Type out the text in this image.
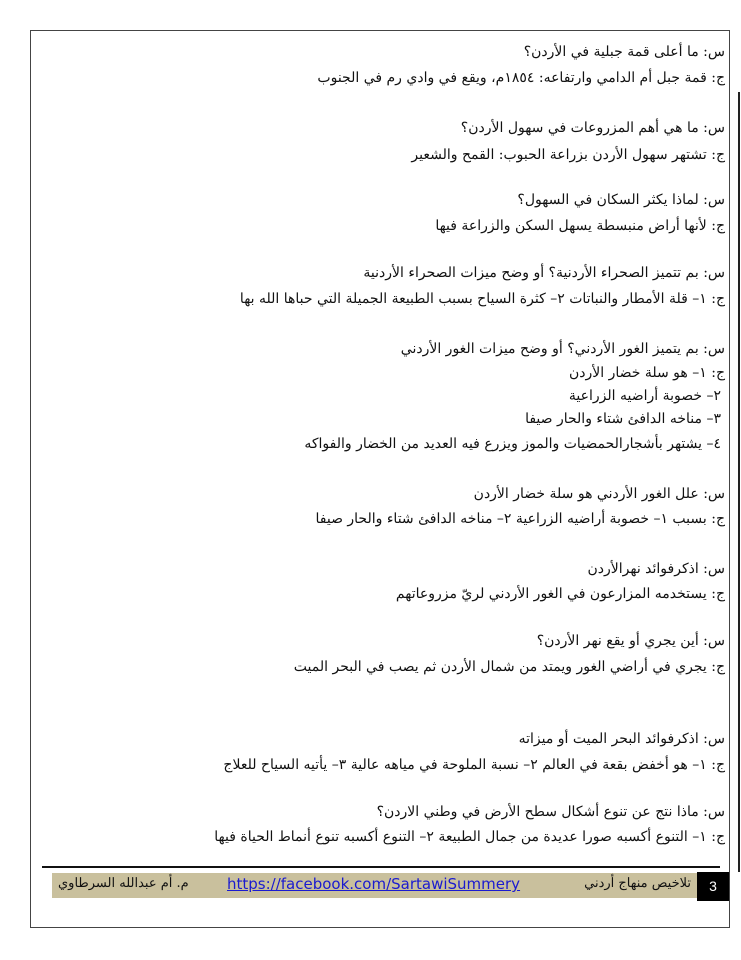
س: ما أعلى قمة جبلية في الأردن؟
ج: قمة جبل أم الدامي وارتفاعه: ١٨٥٤م، ويقع في وادي رم في الجنوب
س: ما هي أهم المزروعات في سهول الأردن؟
ج: تشتهر سهول الأردن بزراعة الحبوب: القمح والشعير
س: لماذا يكثر السكان في السهول؟
ج: لأنها أراض منبسطة يسهل السكن والزراعة فيها
س: بم تتميز الصحراء الأردنية؟ أو وضح ميزات الصحراء الأردنية
ج: ١– قلة الأمطار والنباتات ٢– كثرة السياح بسبب الطبيعة الجميلة التي حباها الله بها
س: بم يتميز الغور الأردني؟ أو وضح ميزات الغور الأردني
ج: ١– هو سلة خضار الأردن
٢– خصوبة أراضيه الزراعية
٣– مناخه الدافئ شتاء والحار صيفا
٤– يشتهر بأشجارالحمضيات والموز ويزرع فيه العديد من الخضار والفواكه
س: علل الغور الأردني هو سلة خضار الأردن
ج: بسبب ١– خصوبة أراضيه الزراعية ٢– مناخه الدافئ شتاء والحار صيفا
س: اذكرفوائد نهرالأردن
ج: يستخدمه المزارعون في الغور الأردني لريّ مزروعاتهم
س: أين يجري أو يقع نهر الأردن؟
ج: يجري في أراضي الغور ويمتد من شمال الأردن ثم يصب في البحر الميت
س: اذكرفوائد البحر الميت أو ميزاته
ج: ١– هو أخفض بقعة في العالم ٢– نسبة الملوحة في مياهه عالية ٣– يأتيه السياح للعلاج
س: ماذا نتج عن تنوع أشكال سطح الأرض في وطني الاردن؟
ج: ١– التنوع أكسبه صورا عديدة من جمال الطبيعة ٢– التنوع أكسبه تنوع أنماط الحياة فيها
تلاخيص منهاج أردني
https://facebook.com/SartawiSummery
م. أم عبدالله السرطاوي	3
